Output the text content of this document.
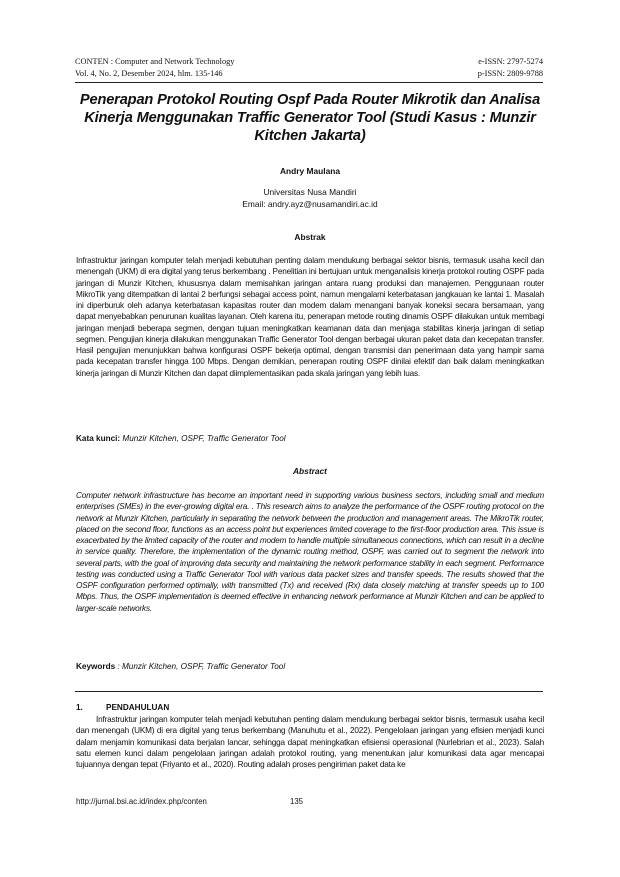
CONTEN : Computer and Network Technology	e-ISSN: 2797-5274
Vol. 4, No. 2, Desember 2024, hlm. 135-146	p-ISSN: 2809-9788
Penerapan Protokol Routing Ospf Pada Router Mikrotik dan Analisa Kinerja Menggunakan Traffic Generator Tool (Studi Kasus : Munzir Kitchen Jakarta)
Andry Maulana
Universitas Nusa Mandiri
Email: andry.ayz@nusamandiri.ac.id
Abstrak

Infrastruktur jaringan komputer telah menjadi kebutuhan penting dalam mendukung berbagai sektor bisnis, termasuk usaha kecil dan menengah (UKM) di era digital yang terus berkembang . Penelitian ini bertujuan untuk menganalisis kinerja protokol routing OSPF pada jaringan di Munzir Kitchen, khususnya dalam memisahkan jaringan antara ruang produksi dan manajemen. Penggunaan router MikroTik yang ditempatkan di lantai 2 berfungsi sebagai access point, namun mengalami keterbatasan jangkauan ke lantai 1. Masalah ini diperburuk oleh adanya keterbatasan kapasitas router dan modem dalam menangani banyak koneksi secara bersamaan, yang dapat menyebabkan penurunan kualitas layanan. Oleh karena itu, penerapan metode routing dinamis OSPF dilakukan untuk membagi jaringan menjadi beberapa segmen, dengan tujuan meningkatkan keamanan data dan menjaga stabilitas kinerja jaringan di setiap segmen. Pengujian kinerja dilakukan menggunakan Traffic Generator Tool dengan berbagai ukuran paket data dan kecepatan transfer. Hasil pengujian menunjukkan bahwa konfigurasi OSPF bekerja optimal, dengan transmisi dan penerimaan data yang hampir sama pada kecepatan transfer hingga 100 Mbps. Dengan demikian, penerapan routing OSPF dinilai efektif dan baik dalam meningkatkan kinerja jaringan di Munzir Kitchen dan dapat diimplementasikan pada skala jaringan yang lebih luas.

Kata kunci: Munzir Kitchen, OSPF, Traffic Generator Tool
Abstract

Computer network infrastructure has become an important need in supporting various business sectors, including small and medium enterprises (SMEs) in the ever-growing digital era. . This research aims to analyze the performance of the OSPF routing protocol on the network at Munzir Kitchen, particularly in separating the network between the production and management areas. The MikroTik router, placed on the second floor, functions as an access point but experiences limited coverage to the first-floor production area. This issue is exacerbated by the limited capacity of the router and modem to handle multiple simultaneous connections, which can result in a decline in service quality. Therefore, the implementation of the dynamic routing method, OSPF, was carried out to segment the network into several parts, with the goal of improving data security and maintaining the network performance stability in each segment. Performance testing was conducted using a Traffic Generator Tool with various data packet sizes and transfer speeds. The results showed that the OSPF configuration performed optimally, with transmitted (Tx) and received (Rx) data closely matching at transfer speeds up to 100 Mbps. Thus, the OSPF implementation is deemed effective in enhancing network performance at Munzir Kitchen and can be applied to larger-scale networks.

Keywords : Munzir Kitchen, OSPF, Traffic Generator Tool
1.	PENDAHULUAN

Infrastruktur jaringan komputer telah menjadi kebutuhan penting dalam mendukung berbagai sektor bisnis, termasuk usaha kecil dan menengah (UKM) di era digital yang terus berkembang (Manuhutu et al., 2022). Pengelolaan jaringan yang efisien menjadi kunci dalam menjamin komunikasi data berjalan lancar, sehingga dapat meningkatkan efisiensi operasional (Nurlebrian et al., 2023). Salah satu elemen kunci dalam pengelolaan jaringan adalah protokol routing, yang menentukan jalur komunikasi data agar mencapai tujuannya dengan tepat (Friyanto et al., 2020). Routing adalah proses pengiriman paket data ke

http://jurnal.bsi.ac.id/index.php/conten	135
